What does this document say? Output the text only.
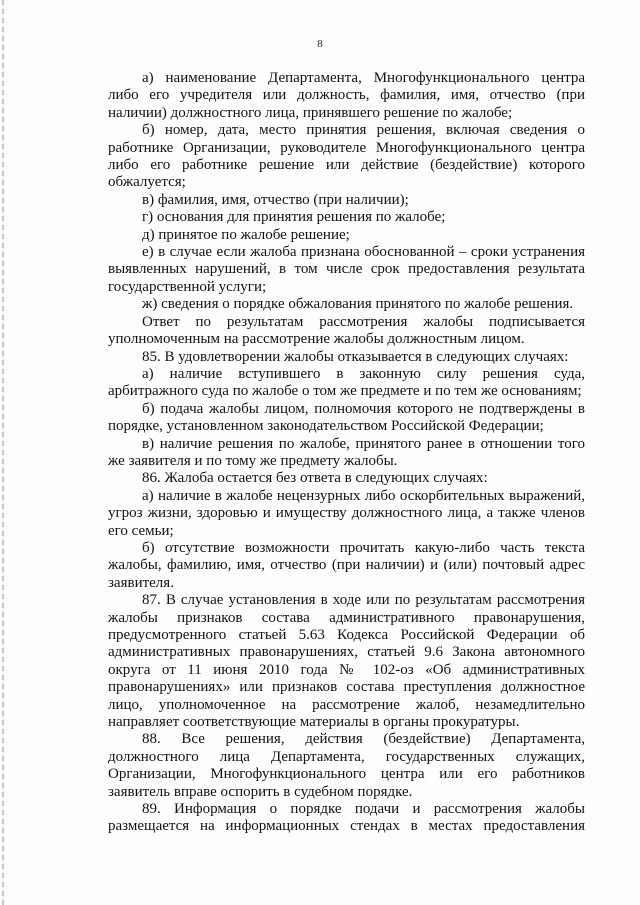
8

а) наименование Департамента, Многофункционального центра либо его учредителя или должность, фамилия, имя, отчество (при наличии) должностного лица, принявшего решение по жалобе;

б) номер, дата, место принятия решения, включая сведения о работнике Организации, руководителе Многофункционального центра либо его работнике решение или действие (бездействие) которого обжалуется;

в) фамилия, имя, отчество (при наличии);

г) основания для принятия решения по жалобе;

д) принятое по жалобе решение;

е) в случае если жалоба признана обоснованной – сроки устранения выявленных нарушений, в том числе срок предоставления результата государственной услуги;

ж) сведения о порядке обжалования принятого по жалобе решения.

Ответ по результатам рассмотрения жалобы подписывается уполномоченным на рассмотрение жалобы должностным лицом.

85. В удовлетворении жалобы отказывается в следующих случаях:

а) наличие вступившего в законную силу решения суда, арбитражного суда по жалобе о том же предмете и по тем же основаниям;

б) подача жалобы лицом, полномочия которого не подтверждены в порядке, установленном законодательством Российской Федерации;

в) наличие решения по жалобе, принятого ранее в отношении того же заявителя и по тому же предмету жалобы.

86. Жалоба остается без ответа в следующих случаях:

а) наличие в жалобе нецензурных либо оскорбительных выражений, угроз жизни, здоровью и имуществу должностного лица, а также членов его семьи;

б) отсутствие возможности прочитать какую-либо часть текста жалобы, фамилию, имя, отчество (при наличии) и (или) почтовый адрес заявителя.

87. В случае установления в ходе или по результатам рассмотрения жалобы признаков состава административного правонарушения, предусмотренного статьей 5.63 Кодекса Российской Федерации об административных правонарушениях, статьей 9.6 Закона автономного округа от 11 июня 2010 года № 102-оз «Об административных правонарушениях» или признаков состава преступления должностное лицо, уполномоченное на рассмотрение жалоб, незамедлительно направляет соответствующие материалы в органы прокуратуры.

88. Все решения, действия (бездействие) Департамента, должностного лица Департамента, государственных служащих, Организации, Многофункционального центра или его работников заявитель вправе оспорить в судебном порядке.

89. Информация о порядке подачи и рассмотрения жалобы размещается на информационных стендах в местах предоставления
